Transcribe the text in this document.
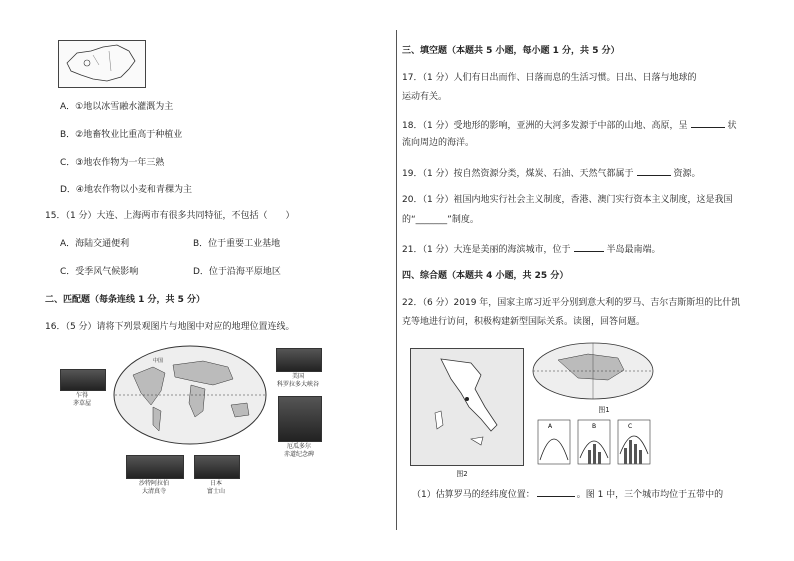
A．①地以冰雪融水灌溉为主
B．②地畜牧业比重高于种植业
C．③地农作物为一年三熟
D．④地农作物以小麦和青稞为主
15．（1 分）大连、上海两市有很多共同特征，不包括（　　）
A．海陆交通便利	B．位于重要工业基地
C．受季风气候影响	D．位于沿海平原地区
二、匹配题（每条连线 1 分，共 5 分）
16．（5 分）请将下列景观图片与地图中对应的地理位置连线。
中国
乍得
茅草屋
美国
科罗拉多大峡谷
厄瓜多尔
赤道纪念碑
沙特阿拉伯
大清真寺
日本
富士山
三、填空题（本题共 5 小题，每小题 1 分，共 5 分）
17．（1 分）人们有日出而作、日落而息的生活习惯。日出、日落与地球的
运动有关。
18．（1 分）受地形的影响，亚洲的大河多发源于中部的山地、高原，呈	状
流向周边的海洋。
19．（1 分）按自然资源分类，煤炭、石油、天然气都属于	资源。
20．（1 分）祖国内地实行社会主义制度，香港、澳门实行资本主义制度，这是我国
的“_______”制度。
21．（1 分）大连是美丽的海滨城市，位于	半岛最南端。
四、综合题（本题共 4 小题，共 25 分）
22．（6 分）2019 年，国家主席习近平分别到意大利的罗马、吉尔吉斯斯坦的比什凯
克等地进行访问，积极构建新型国际关系。读图，回答问题。
图2
图1
A	B	C
（1）估算罗马的经纬度位置：	。图 1 中，三个城市均位于五带中的
